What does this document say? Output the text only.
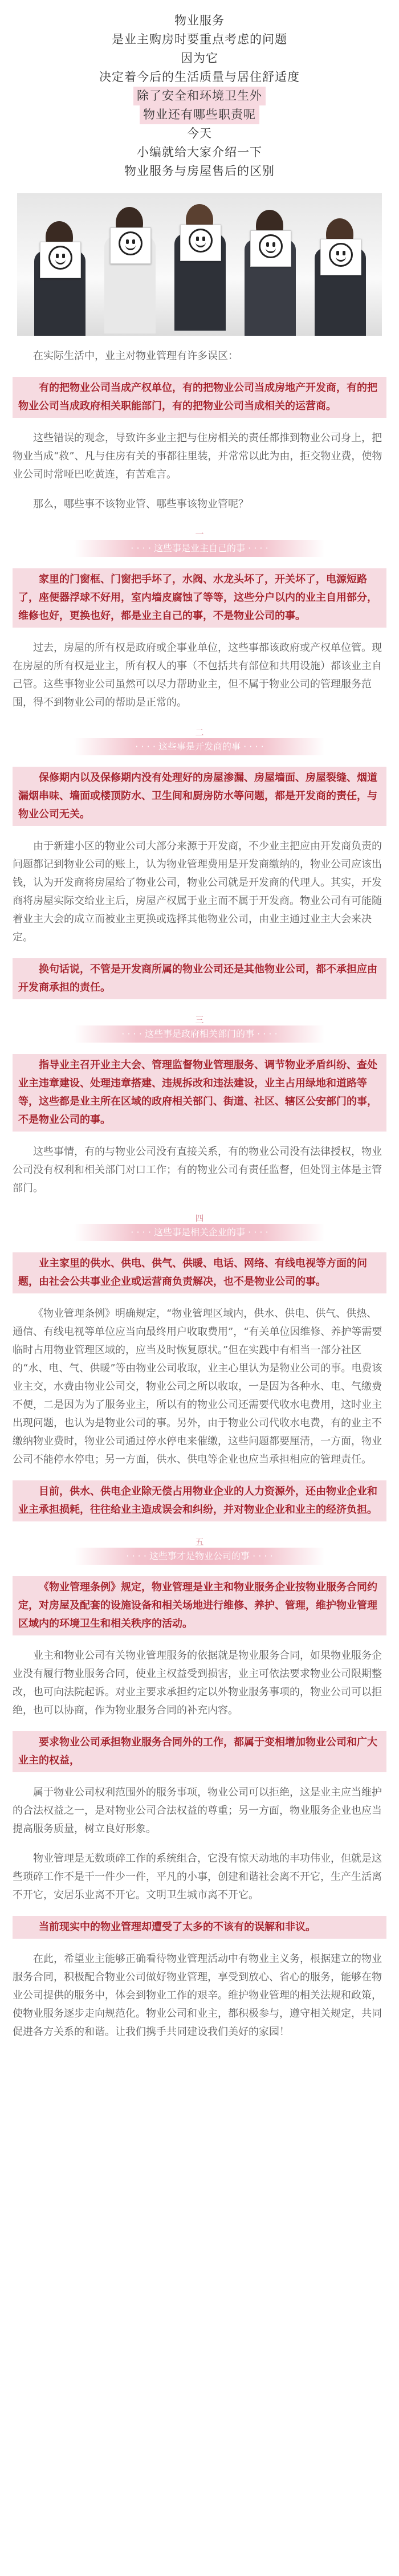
物业服务

是业主购房时要重点考虑的问题

因为它

决定着今后的生活质量与居住舒适度

除了安全和环境卫生外

物业还有哪些职责呢

今天

小编就给大家介绍一下

物业服务与房屋售后的区别

在实际生活中，业主对物业管理有许多误区：

有的把物业公司当成产权单位，有的把物业公司当成房地产开发商，有的把物业公司当成政府相关职能部门，有的把物业公司当成相关的运营商。

这些错误的观念，导致许多业主把与住房相关的责任都推到物业公司身上，把物业当成“救”、凡与住房有关的事都往里装，并常常以此为由，拒交物业费，使物业公司时常哑巴吃黄连，有苦难言。

那么，哪些事不该物业管、哪些事该物业管呢？

一
· · · · 这些事是业主自己的事 · · · ·

家里的门窗框、门窗把手坏了，水阀、水龙头坏了，开关坏了，电源短路了，座便器浮球不好用，室内墙皮腐蚀了等等，这些分户以内的业主自用部分，维修也好，更换也好，都是业主自己的事，不是物业公司的事。

过去，房屋的所有权是政府或企事业单位，这些事都该政府或产权单位管。现在房屋的所有权是业主，所有权人的事（不包括共有部位和共用设施）都该业主自己管。这些事物业公司虽然可以尽力帮助业主，但不属于物业公司的管理服务范围，得不到物业公司的帮助是正常的。

二
· · · · 这些事是开发商的事 · · · ·

保修期内以及保修期内没有处理好的房屋渗漏、房屋墙面、房屋裂缝、烟道漏烟串味、墙面或楼顶防水、卫生间和厨房防水等问题，都是开发商的责任，与物业公司无关。

由于新建小区的物业公司大部分来源于开发商，不少业主把应由开发商负责的问题都记到物业公司的账上，认为物业管理费用是开发商缴纳的，物业公司应该出钱，认为开发商将房屋给了物业公司，物业公司就是开发商的代理人。其实，开发商将房屋实际交给业主后，房屋产权属于业主而不属于开发商。物业公司有可能随着业主大会的成立而被业主更换或选择其他物业公司，由业主通过业主大会来决定。

换句话说，不管是开发商所属的物业公司还是其他物业公司，都不承担应由开发商承担的责任。

三
· · · · 这些事是政府相关部门的事 · · · ·

指导业主召开业主大会、管理监督物业管理服务、调节物业矛盾纠纷、查处业主违章建设、处理违章搭建、违规拆改和违法建设，业主占用绿地和道路等等，这些都是业主所在区域的政府相关部门、街道、社区、辖区公安部门的事，不是物业公司的事。

这些事情，有的与物业公司没有直接关系，有的物业公司没有法律授权，物业公司没有权利和相关部门对口工作；有的物业公司有责任监督，但处罚主体是主管部门。

四
· · · · 这些事是相关企业的事 · · · ·

业主家里的供水、供电、供气、供暖、电话、网络、有线电视等方面的问题，由社会公共事业企业或运营商负责解决，也不是物业公司的事。

《物业管理条例》明确规定，“物业管理区域内，供水、供电、供气、供热、通信、有线电视等单位应当向最终用户收取费用”，“有关单位因维修、养护等需要临时占用物业管理区域的，应当及时恢复原状。”但在实践中有相当一部分社区的“水、电、气、供暖”等由物业公司收取，业主心里认为是物业公司的事。电费该业主交，水费由物业公司交，物业公司之所以收取，一是因为各种水、电、气缴费不便，二是因为为了服务业主，所以有的物业公司还需要代收水电费用，这时业主出现问题，也认为是物业公司的事。另外，由于物业公司代收水电费，有的业主不缴纳物业费时，物业公司通过停水停电来催缴，这些问题都要厘清，一方面，物业公司不能停水停电；另一方面，供水、供电等企业也应当承担相应的管理责任。

目前，供水、供电企业除无偿占用物业企业的人力资源外，还由物业企业和业主承担损耗，往往给业主造成误会和纠纷，并对物业企业和业主的经济负担。

五
· · · · 这些事才是物业公司的事 · · · ·

《物业管理条例》规定，物业管理是业主和物业服务企业按物业服务合同约定，对房屋及配套的设施设备和相关场地进行维修、养护、管理，维护物业管理区域内的环境卫生和相关秩序的活动。

业主和物业公司有关物业管理服务的依据就是物业服务合同，如果物业服务企业没有履行物业服务合同，使业主权益受到损害，业主可依法要求物业公司限期整改，也可向法院起诉。对业主要求承担约定以外物业服务事项的，物业公司可以拒绝，也可以协商，作为物业服务合同的补充内容。

要求物业公司承担物业服务合同外的工作，都属于变相增加物业公司和广大业主的权益，

属于物业公司权利范围外的服务事项，物业公司可以拒绝，这是业主应当维护的合法权益之一，是对物业公司合法权益的尊重；另一方面，物业服务企业也应当提高服务质量，树立良好形象。

物业管理是无数琐碎工作的系统组合，它没有惊天动地的丰功伟业，但就是这些琐碎工作不是干一件少一件，平凡的小事，创建和谐社会离不开它，生产生活离不开它，安居乐业离不开它。文明卫生城市离不开它。

当前现实中的物业管理却遭受了太多的不该有的误解和非议。

在此，希望业主能够正确看待物业管理活动中有物业主义务，根据建立的物业服务合同，积极配合物业公司做好物业管理，享受到放心、省心的服务，能够在物业公司提供的服务中，体会到物业工作的艰辛。维护物业管理的相关法规和政策，使物业服务逐步走向规范化。物业公司和业主，都积极参与，遵守相关规定，共同促进各方关系的和谐。让我们携手共同建设我们美好的家园！
